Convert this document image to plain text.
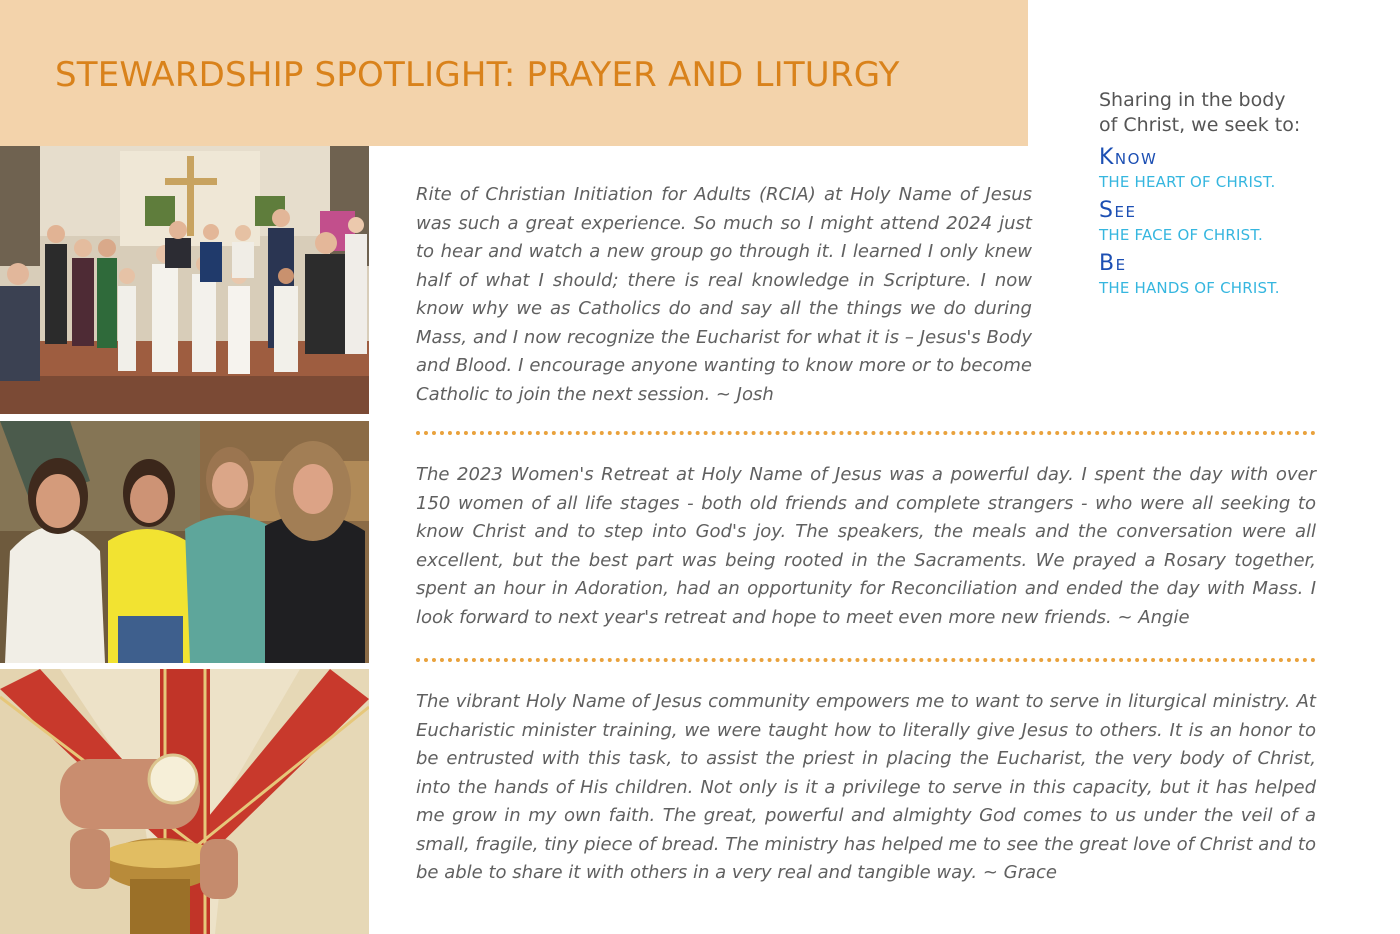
STEWARDSHIP SPOTLIGHT: PRAYER AND LITURGY
Sharing in the body
of Christ, we seek to:
Know
THE HEART OF CHRIST.
See
THE FACE OF CHRIST.
Be
THE HANDS OF CHRIST.

Rite of Christian Initiation for Adults (RCIA) at Holy Name of Jesus was such a great experience. So much so I might attend 2024 just to hear and watch a new group go through it. I learned I only knew half of what I should; there is real knowledge in Scripture. I now know why we as Catholics do and say all the things we do during Mass, and I now recognize the Eucharist for what it is – Jesus's Body and Blood. I encourage anyone wanting to know more or to become Catholic to join the next session. ~ Josh

The 2023 Women's Retreat at Holy Name of Jesus was a powerful day. I spent the day with over 150 women of all life stages - both old friends and complete strangers - who were all seeking to know Christ and to step into God's joy. The speakers, the meals and the conversation were all excellent, but the best part was being rooted in the Sacraments. We prayed a Rosary together, spent an hour in Adoration, had an opportunity for Reconciliation and ended the day with Mass. I look forward to next year's retreat and hope to meet even more new friends. ~ Angie

The vibrant Holy Name of Jesus community empowers me to want to serve in liturgical ministry. At Eucharistic minister training, we were taught how to literally give Jesus to others. It is an honor to be entrusted with this task, to assist the priest in placing the Eucharist, the very body of Christ, into the hands of His children. Not only is it a privilege to serve in this capacity, but it has helped me grow in my own faith. The great, powerful and almighty God comes to us under the veil of a small, fragile, tiny piece of bread. The ministry has helped me to see the great love of Christ and to be able to share it with others in a very real and tangible way. ~ Grace
